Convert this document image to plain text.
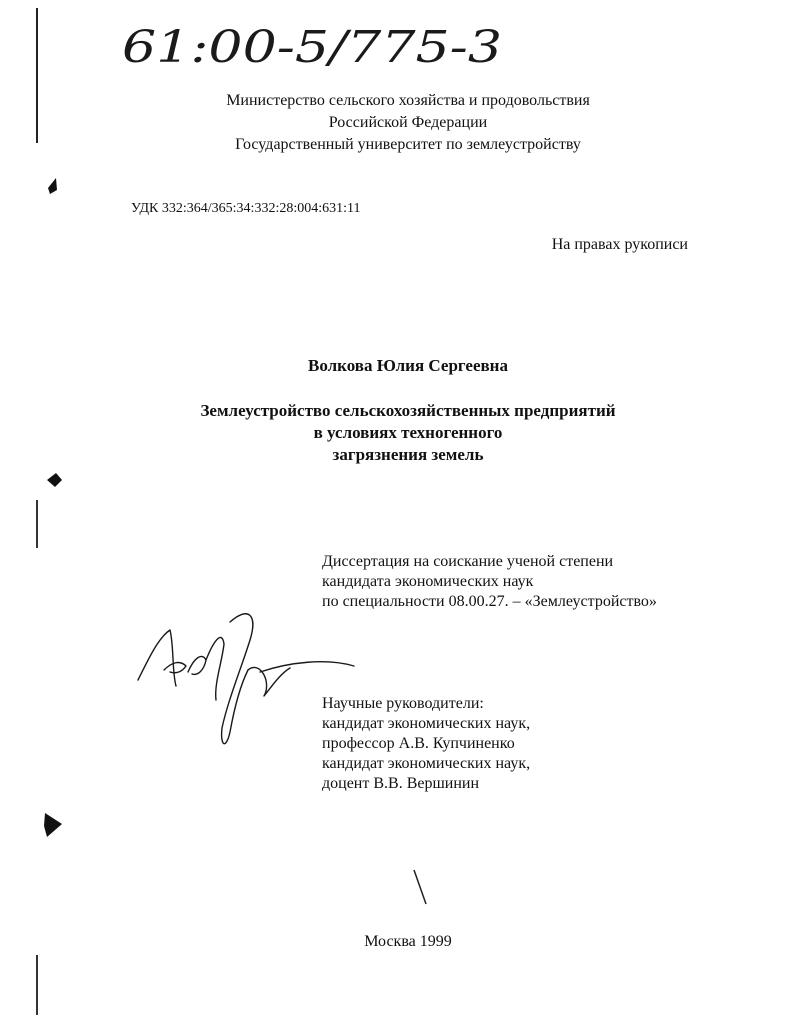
61:00-5/775-3
Министерство сельского хозяйства и продовольствия
Российской Федерации
Государственный университет по землеустройству
УДК 332:364/365:34:332:28:004:631:11
На правах рукописи
Волкова Юлия Сергеевна
Землеустройство сельскохозяйственных предприятий
в условиях техногенного
загрязнения земель
Диссертация на соискание ученой степени
кандидата экономических наук
по специальности 08.00.27. – «Землеустройство»
Научные руководители:
кандидат экономических наук,
профессор А.В. Купчиненко
кандидат экономических наук,
доцент В.В. Вершинин
Москва 1999
